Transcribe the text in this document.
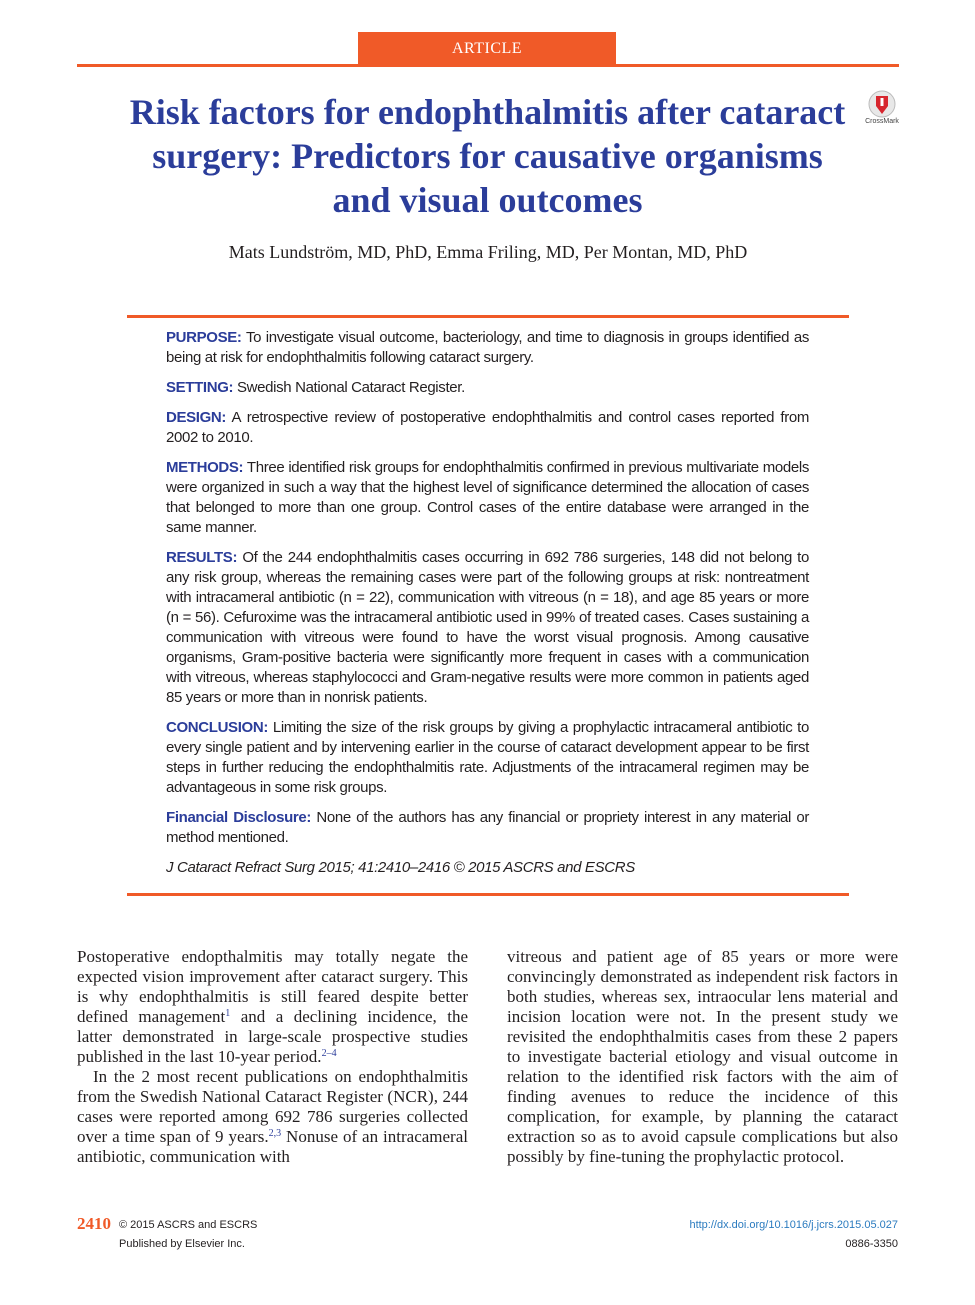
ARTICLE
Risk factors for endophthalmitis after cataract surgery: Predictors for causative organisms and visual outcomes
CrossMark
Mats Lundström, MD, PhD, Emma Friling, MD, Per Montan, MD, PhD

PURPOSE: To investigate visual outcome, bacteriology, and time to diagnosis in groups identified as being at risk for endophthalmitis following cataract surgery.

SETTING: Swedish National Cataract Register.

DESIGN: A retrospective review of postoperative endophthalmitis and control cases reported from 2002 to 2010.

METHODS: Three identified risk groups for endophthalmitis confirmed in previous multivariate models were organized in such a way that the highest level of significance determined the allocation of cases that belonged to more than one group. Control cases of the entire database were arranged in the same manner.

RESULTS: Of the 244 endophthalmitis cases occurring in 692 786 surgeries, 148 did not belong to any risk group, whereas the remaining cases were part of the following groups at risk: nontreatment with intracameral antibiotic (n = 22), communication with vitreous (n = 18), and age 85 years or more (n = 56). Cefuroxime was the intracameral antibiotic used in 99% of treated cases. Cases sustaining a communication with vitreous were found to have the worst visual prognosis. Among causative organisms, Gram-positive bacteria were significantly more frequent in cases with a communication with vitreous, whereas staphylococci and Gram-negative results were more common in patients aged 85 years or more than in nonrisk patients.

CONCLUSION: Limiting the size of the risk groups by giving a prophylactic intracameral antibiotic to every single patient and by intervening earlier in the course of cataract development appear to be first steps in further reducing the endophthalmitis rate. Adjustments of the intracameral regimen may be advantageous in some risk groups.

Financial Disclosure: None of the authors has any financial or propriety interest in any material or method mentioned.

J Cataract Refract Surg 2015; 41:2410–2416 © 2015 ASCRS and ESCRS

Postoperative endopthalmitis may totally negate the expected vision improvement after cataract surgery. This is why endophthalmitis is still feared despite better defined management$^1$ and a declining incidence, the latter demonstrated in large-scale prospective studies published in the last 10-year period.$^{2-4}$

In the 2 most recent publications on endophthalmitis from the Swedish National Cataract Register (NCR), 244 cases were reported among 692 786 surgeries collected over a time span of 9 years.$^{2,3}$ Nonuse of an intracameral antibiotic, communication with

vitreous and patient age of 85 years or more were convincingly demonstrated as independent risk factors in both studies, whereas sex, intraocular lens material and incision location were not. In the present study we revisited the endophthalmitis cases from these 2 papers to investigate bacterial etiology and visual outcome in relation to the identified risk factors with the aim of finding avenues to reduce the incidence of this complication, for example, by planning the cataract extraction so as to avoid capsule complications but also possibly by fine-tuning the prophylactic protocol.

2410 © 2015 ASCRS and ESCRS
Published by Elsevier Inc.
http://dx.doi.org/10.1016/j.jcrs.2015.05.027
0886-3350
